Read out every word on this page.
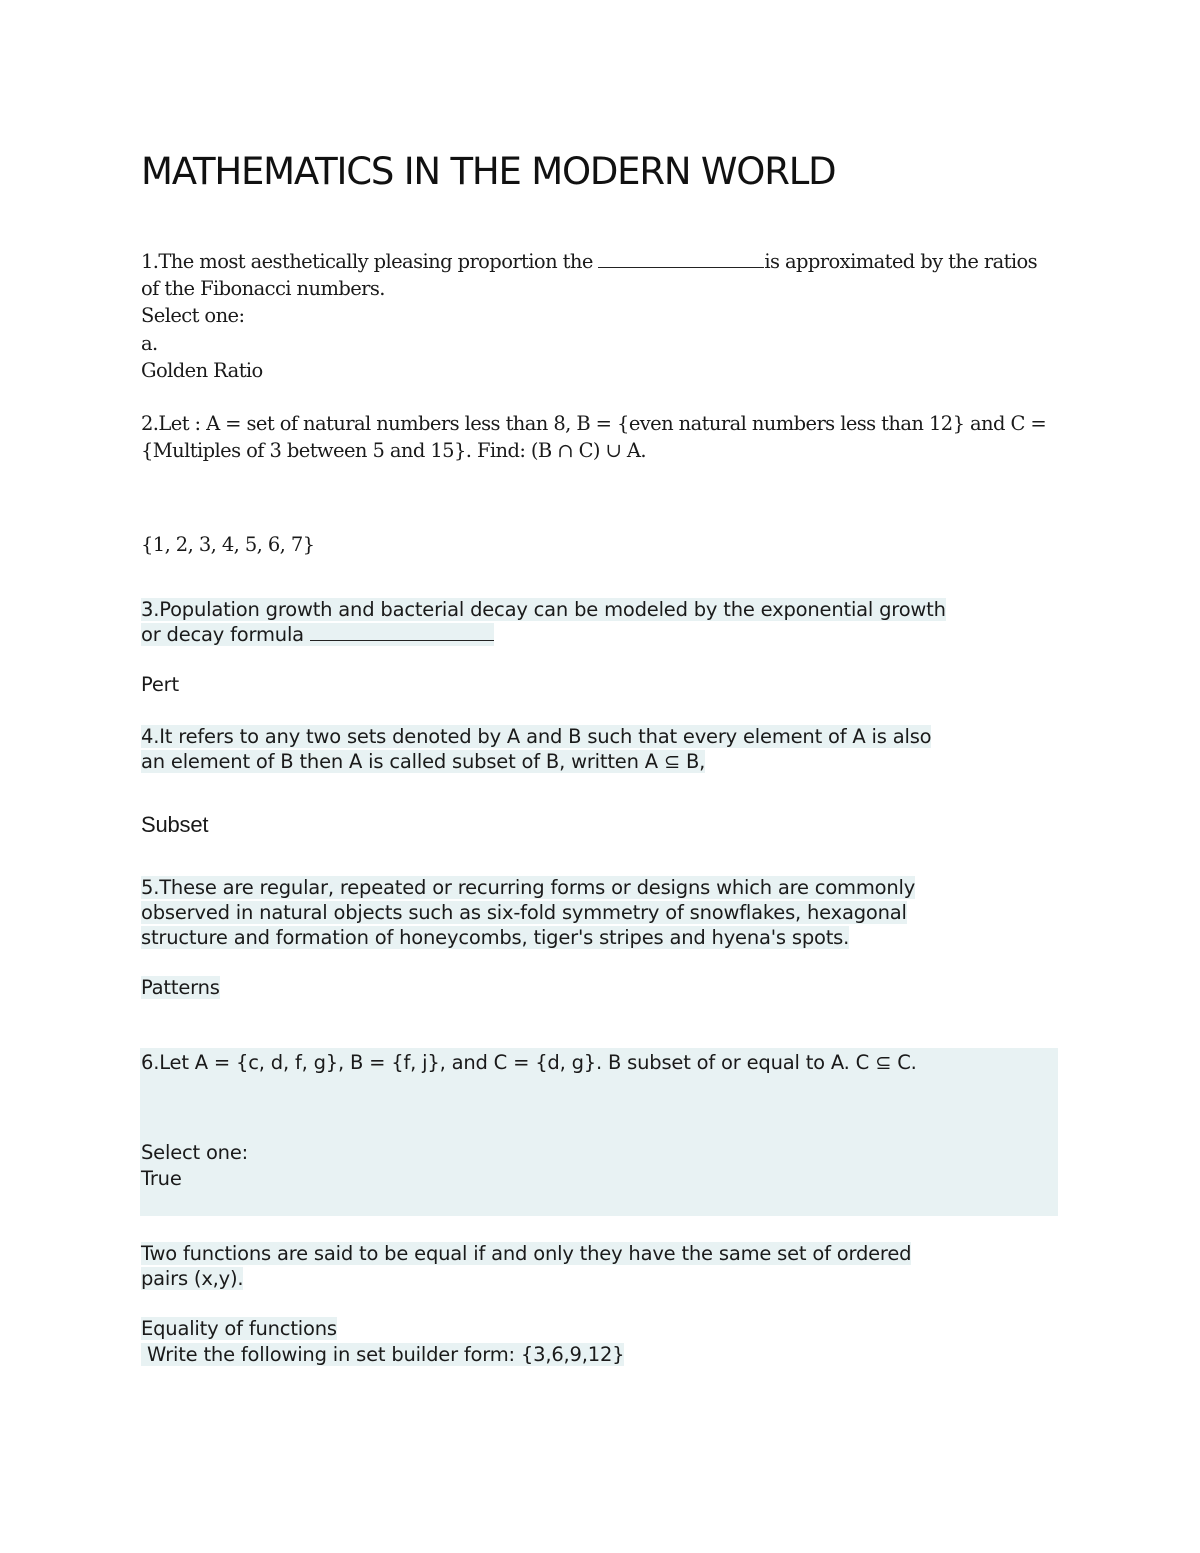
MATHEMATICS IN THE MODERN WORLD
1.The most aesthetically pleasing proportion the	is approximated by the ratios
of the Fibonacci numbers.
Select one:
a.
Golden Ratio
2.Let : A = set of natural numbers less than 8, B = {even natural numbers less than 12} and C =
{Multiples of 3 between 5 and 15}. Find: (B ∩ C) ∪ A.
{1, 2, 3, 4, 5, 6, 7}
3.Population growth and bacterial decay can be modeled by the exponential growth
or decay formula
Pert
4.It refers to any two sets denoted by A and B such that every element of A is also
an element of B then A is called subset of B, written A ⊆ B,
Subset
5.These are regular, repeated or recurring forms or designs which are commonly
observed in natural objects such as six-fold symmetry of snowflakes, hexagonal
structure and formation of honeycombs, tiger's stripes and hyena's spots.
Patterns
6.Let A = {c, d, f, g}, B = {f, j}, and C = {d, g}. B subset of or equal to A. C ⊆ C.
Select one:
True
Two functions are said to be equal if and only they have the same set of ordered
pairs (x,y).
Equality of functions
Write the following in set builder form: {3,6,9,12}
